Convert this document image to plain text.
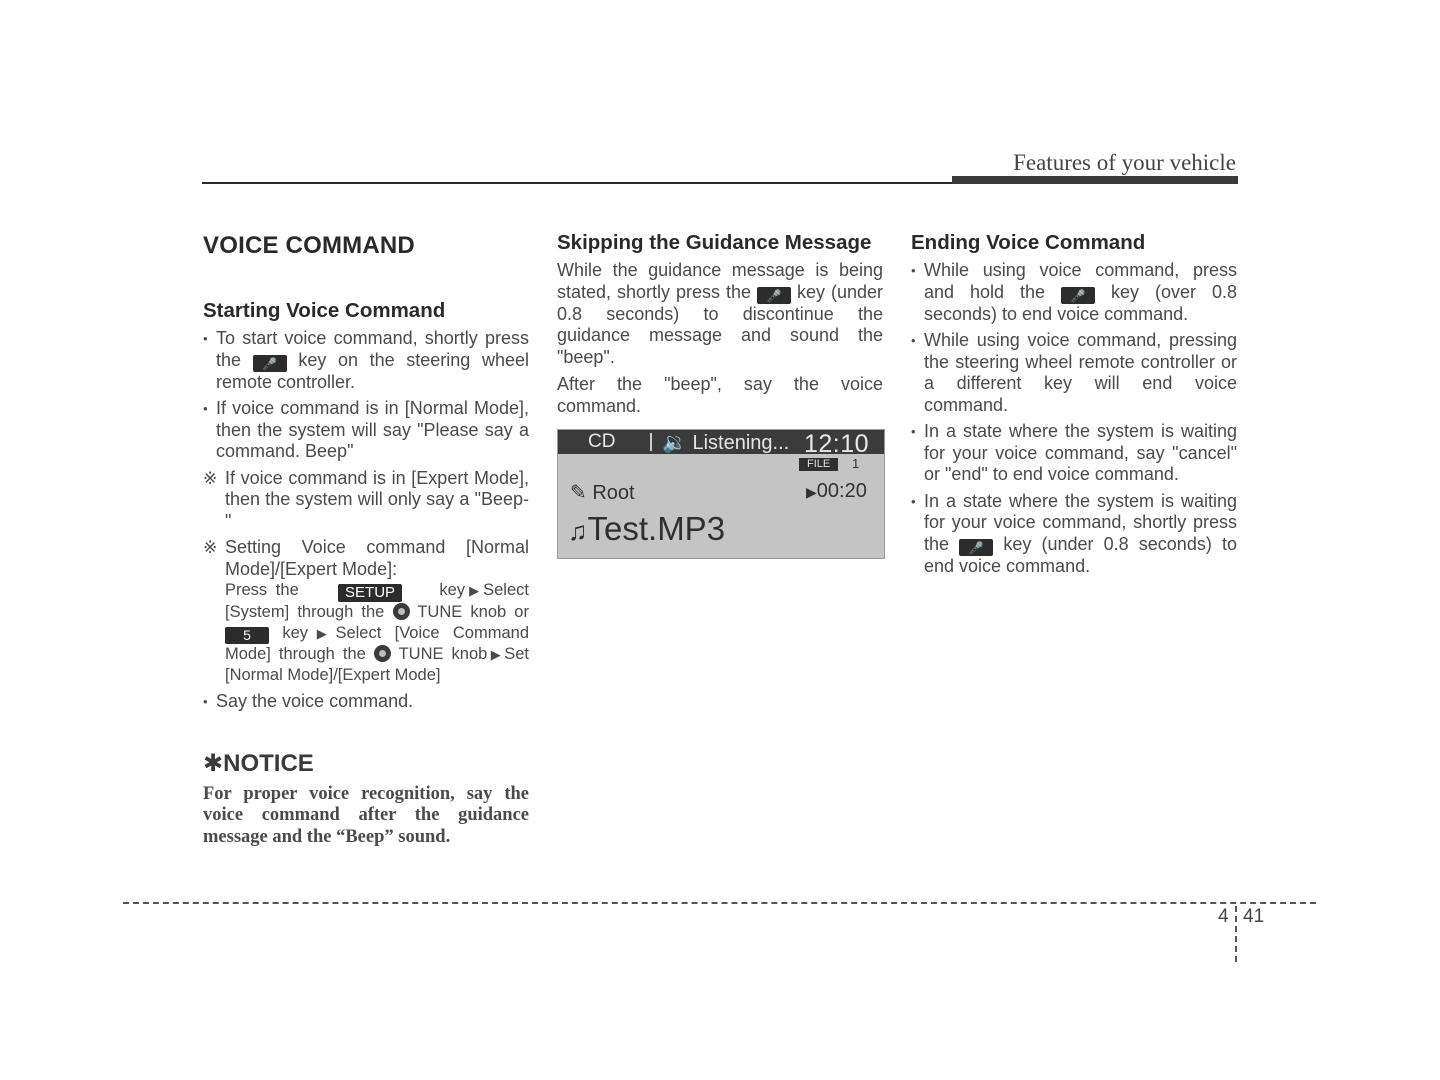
Features of your vehicle
VOICE COMMAND
Starting Voice Command
• To start voice command, shortly press the 🎤	key on the steering wheel remote controller.
• If voice command is in [Normal Mode], then the system will say "Please say a command. Beep"
※ If voice command is in [Expert Mode], then the system will only say a "Beep-"
※ Setting Voice command [Normal Mode]/[Expert Mode]:
Press the	SETUP	key▶Select [System] through the TUNE knob or 5 key▶Select [Voice Command Mode] through the TUNE knob▶Set [Normal Mode]/[Expert Mode]
• Say the voice command.
✱NOTICE
For proper voice recognition, say the voice command after the guidance message and the “Beep” sound.
Skipping the Guidance Message

While the guidance message is being stated, shortly press the 🎤	key (under 0.8 seconds) to discontinue the guidance message and sound the "beep".

After the "beep", say the voice command.

CD 🔉 Listening... 12:10
FILE	1
✎ Root	▶00:20
♫Test.MP3
Ending Voice Command
• While using voice command, press and hold the 🎤	key (over 0.8 seconds) to end voice command.
• While using voice command, pressing the steering wheel remote controller or a different key will end voice command.
• In a state where the system is waiting for your voice command, say "cancel" or "end" to end voice command.
• In a state where the system is waiting for your voice command, shortly press the 🎤	key (under 0.8 seconds) to end voice command.
4 41
